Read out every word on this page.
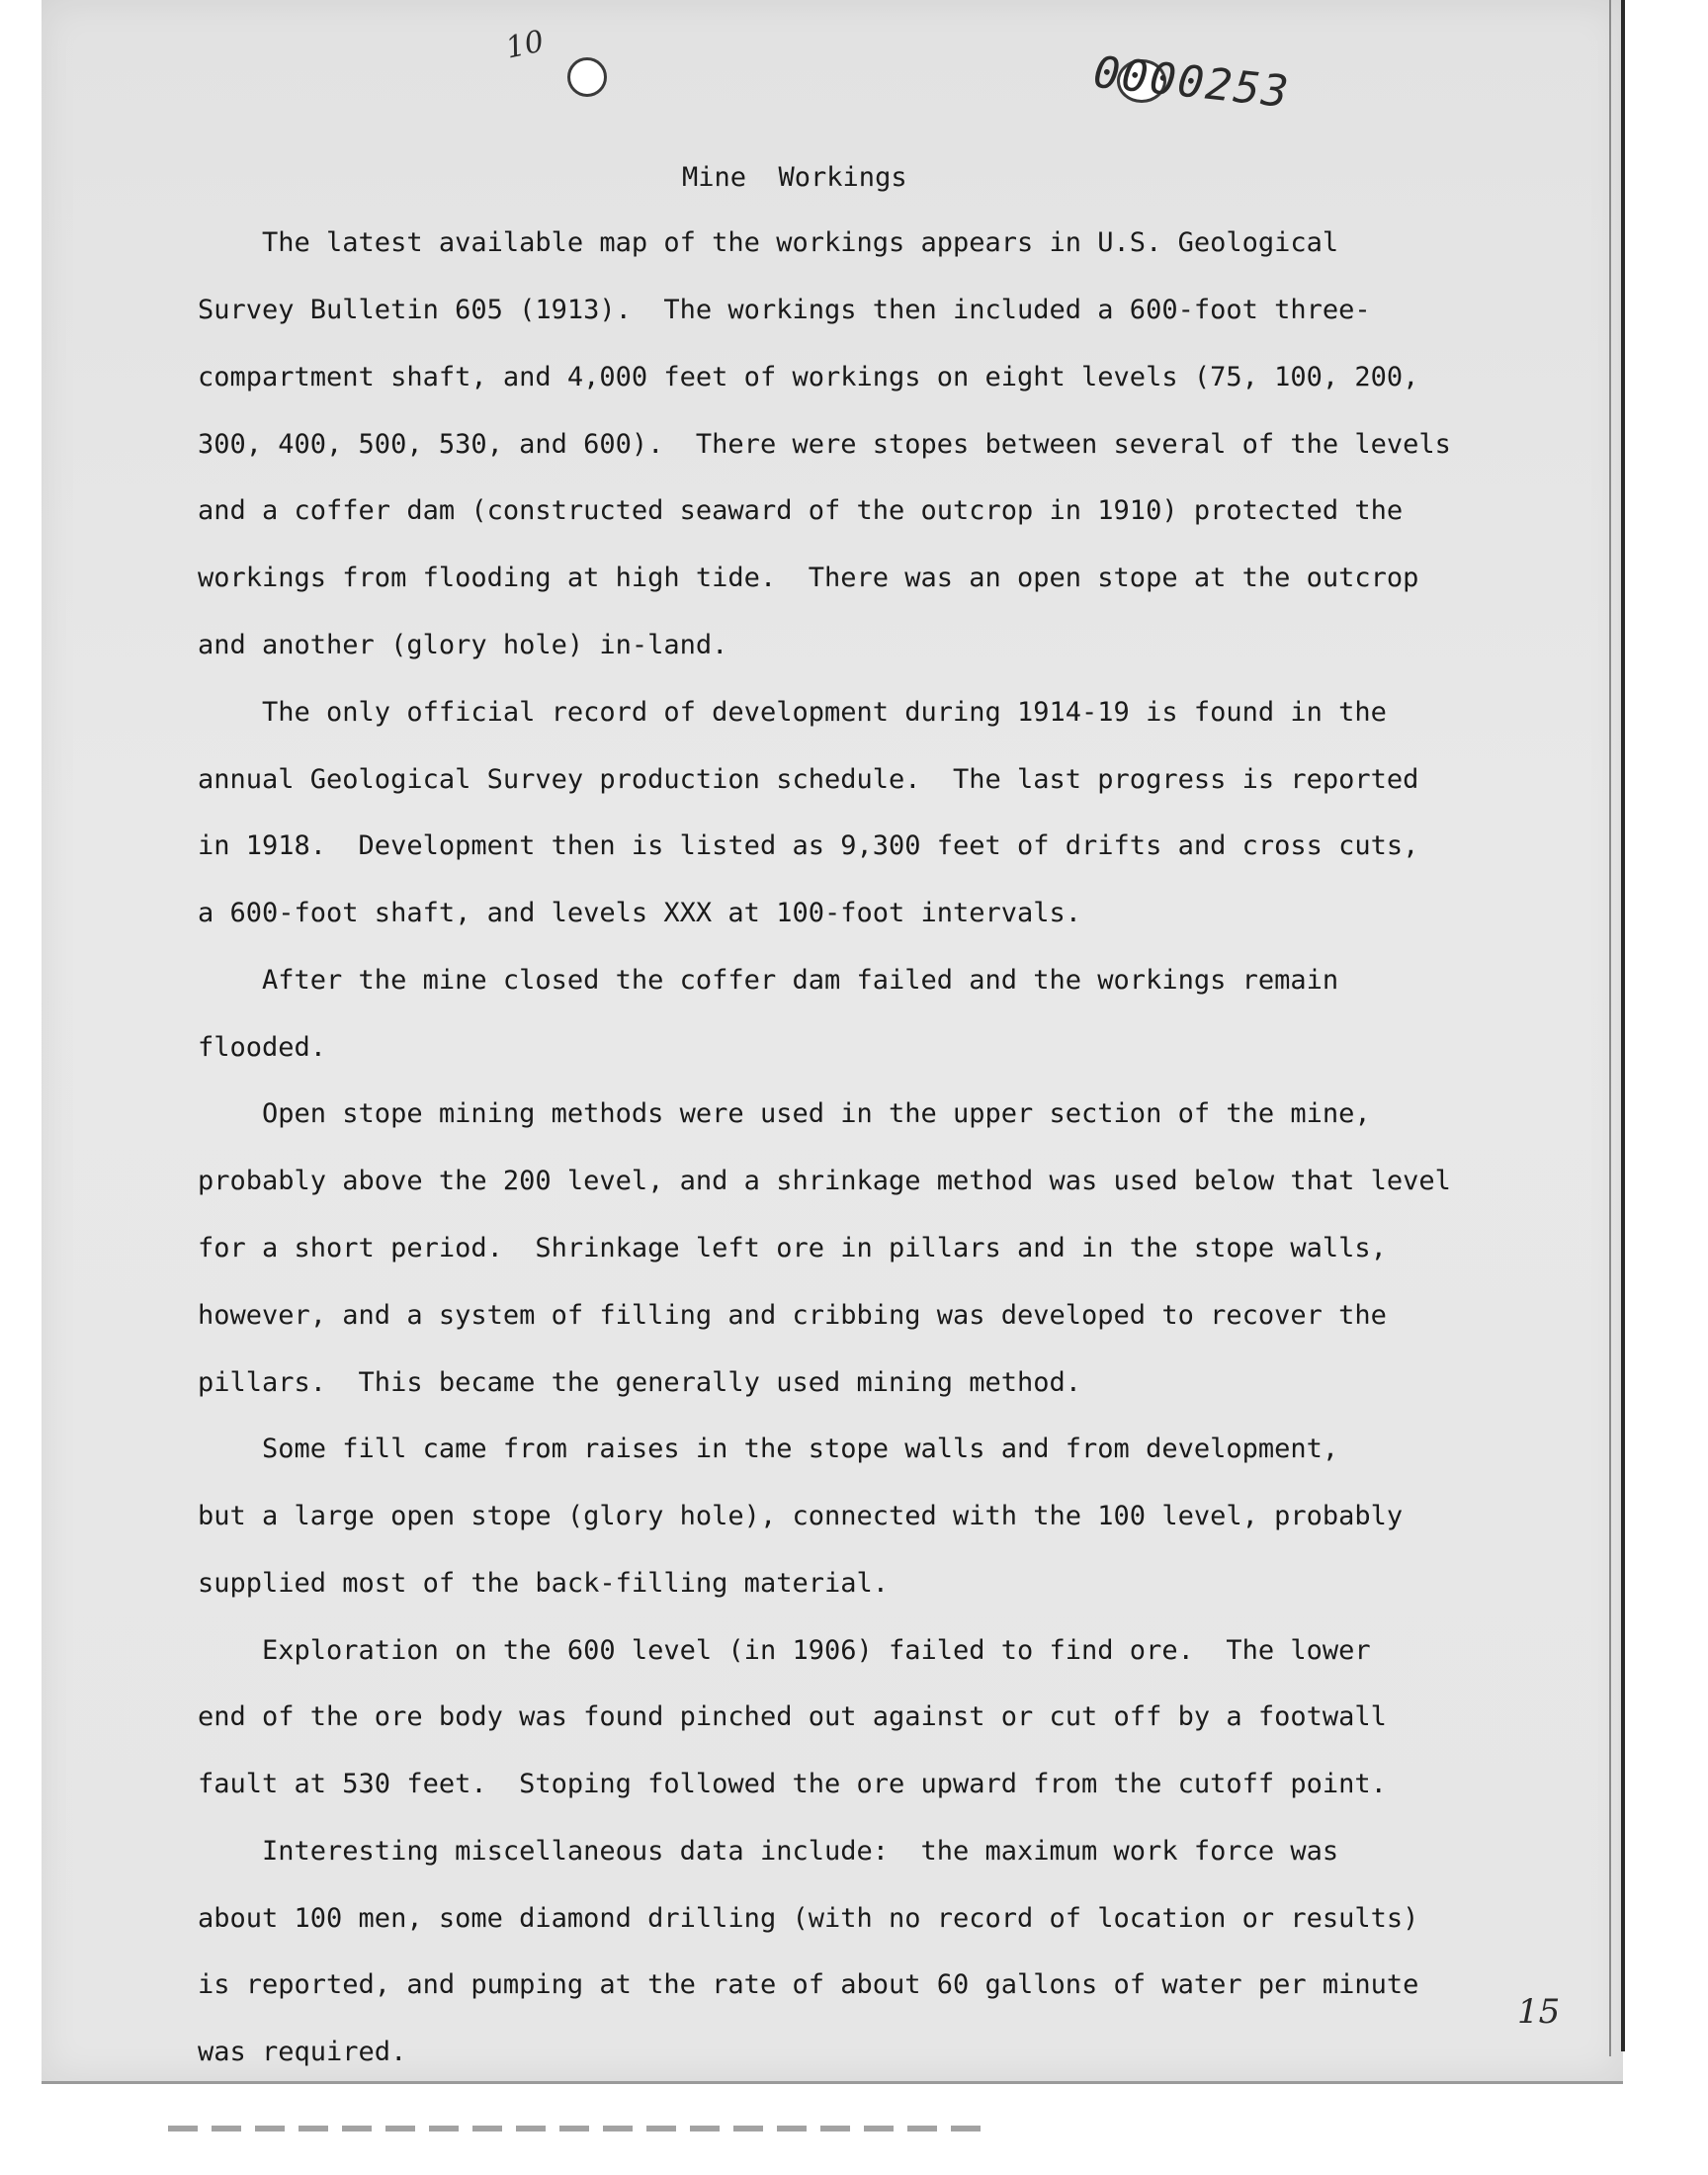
10
0000253
15
Mine  Workings
The latest available map of the workings appears in U.S. Geological
Survey Bulletin 605 (1913).  The workings then included a 600-foot three-
compartment shaft, and 4,000 feet of workings on eight levels (75, 100, 200,
300, 400, 500, 530, and 600).  There were stopes between several of the levels
and a coffer dam (constructed seaward of the outcrop in 1910) protected the
workings from flooding at high tide.  There was an open stope at the outcrop
and another (glory hole) in-land.
The only official record of development during 1914-19 is found in the
annual Geological Survey production schedule.  The last progress is reported
in 1918.  Development then is listed as 9,300 feet of drifts and cross cuts,
a 600-foot shaft, and levels XXX at 100-foot intervals.
After the mine closed the coffer dam failed and the workings remain
flooded.
Open stope mining methods were used in the upper section of the mine,
probably above the 200 level, and a shrinkage method was used below that level
for a short period.  Shrinkage left ore in pillars and in the stope walls,
however, and a system of filling and cribbing was developed to recover the
pillars.  This became the generally used mining method.
Some fill came from raises in the stope walls and from development,
but a large open stope (glory hole), connected with the 100 level, probably
supplied most of the back-filling material.
Exploration on the 600 level (in 1906) failed to find ore.  The lower
end of the ore body was found pinched out against or cut off by a footwall
fault at 530 feet.  Stoping followed the ore upward from the cutoff point.
Interesting miscellaneous data include:  the maximum work force was
about 100 men, some diamond drilling (with no record of location or results)
is reported, and pumping at the rate of about 60 gallons of water per minute
was required.
